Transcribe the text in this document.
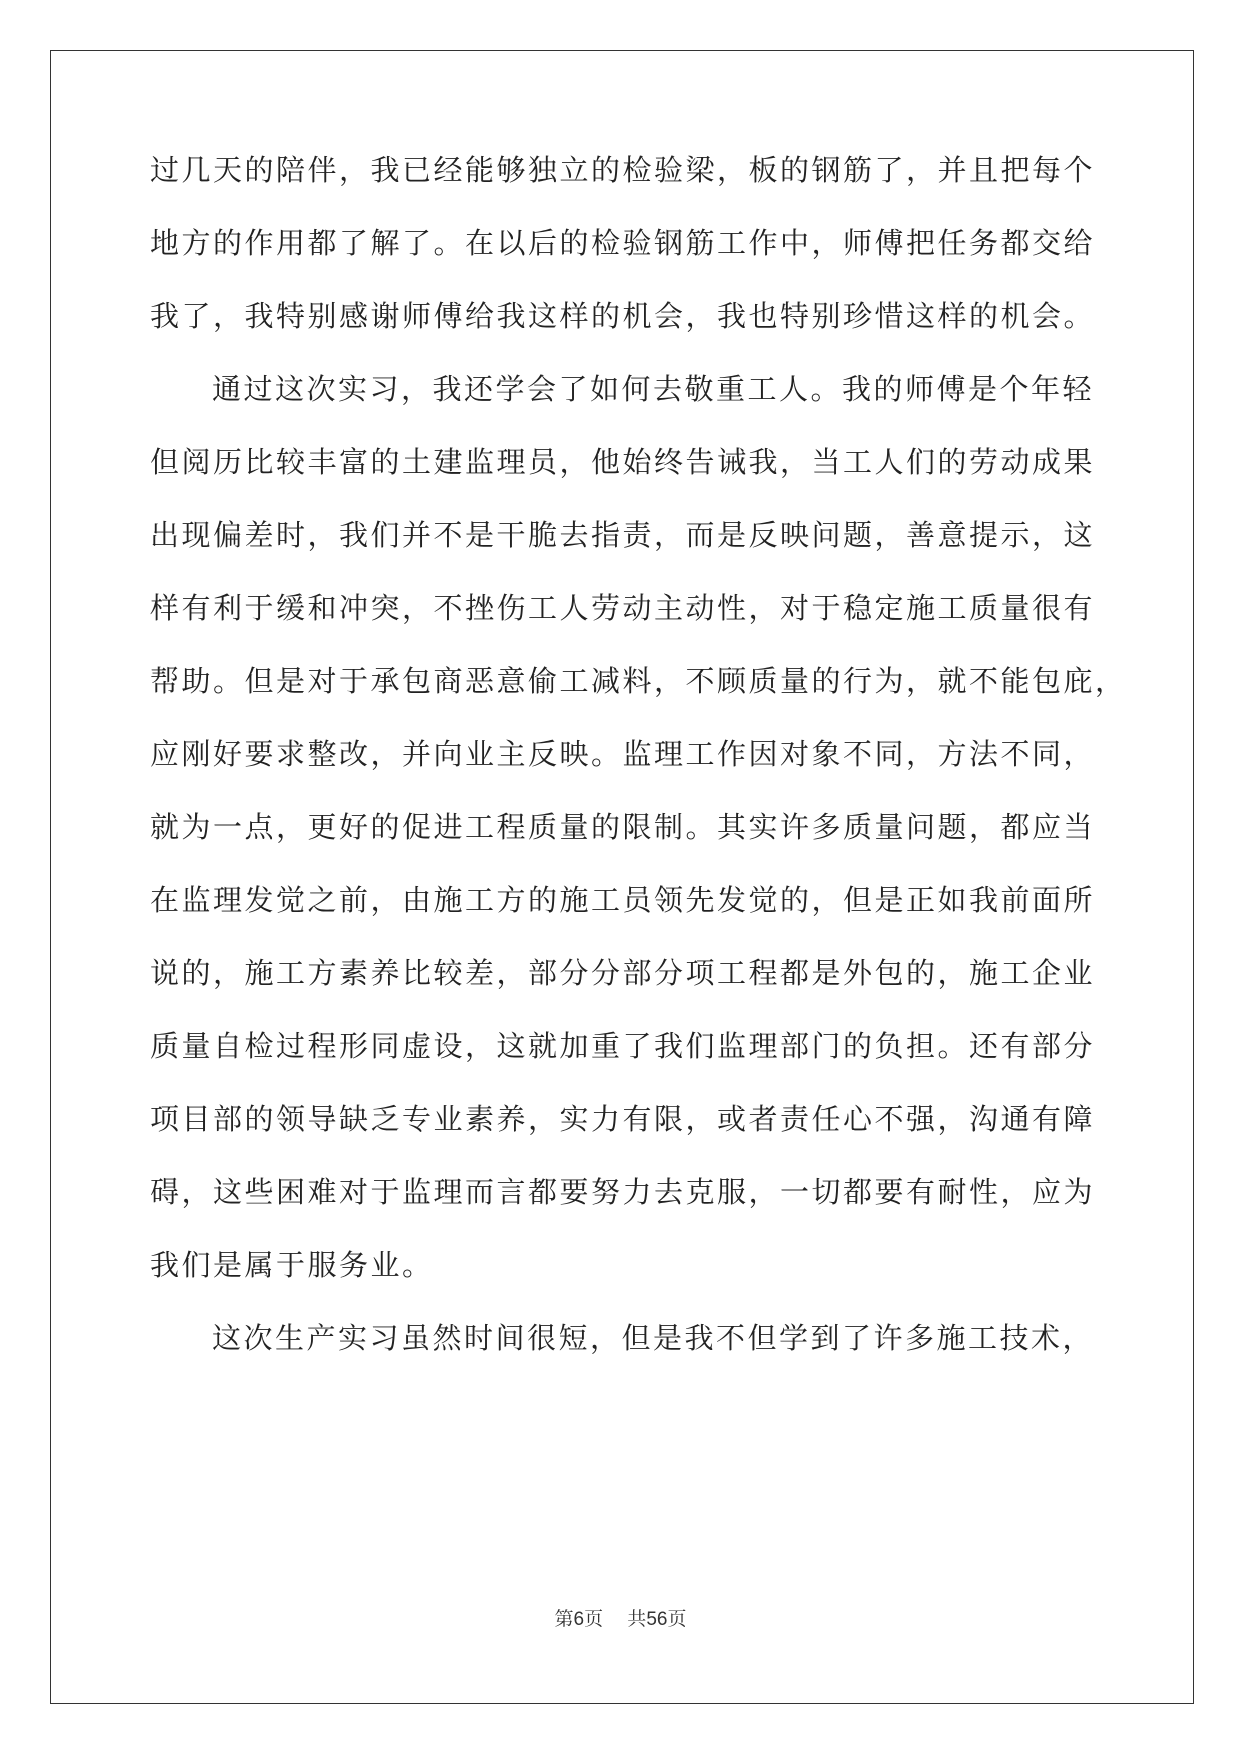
过几天的陪伴，我已经能够独立的检验梁，板的钢筋了，并且把每个
地方的作用都了解了。在以后的检验钢筋工作中，师傅把任务都交给
我了，我特别感谢师傅给我这样的机会，我也特别珍惜这样的机会。
通过这次实习，我还学会了如何去敬重工人。我的师傅是个年轻
但阅历比较丰富的土建监理员，他始终告诫我，当工人们的劳动成果
出现偏差时，我们并不是干脆去指责，而是反映问题，善意提示，这
样有利于缓和冲突，不挫伤工人劳动主动性，对于稳定施工质量很有
帮助。但是对于承包商恶意偷工减料，不顾质量的行为，就不能包庇，
应刚好要求整改，并向业主反映。监理工作因对象不同，方法不同，
就为一点，更好的促进工程质量的限制。其实许多质量问题，都应当
在监理发觉之前，由施工方的施工员领先发觉的，但是正如我前面所
说的，施工方素养比较差，部分分部分项工程都是外包的，施工企业
质量自检过程形同虚设，这就加重了我们监理部门的负担。还有部分
项目部的领导缺乏专业素养，实力有限，或者责任心不强，沟通有障
碍，这些困难对于监理而言都要努力去克服，一切都要有耐性，应为
我们是属于服务业。
这次生产实习虽然时间很短，但是我不但学到了许多施工技术，
第6页 共56页
